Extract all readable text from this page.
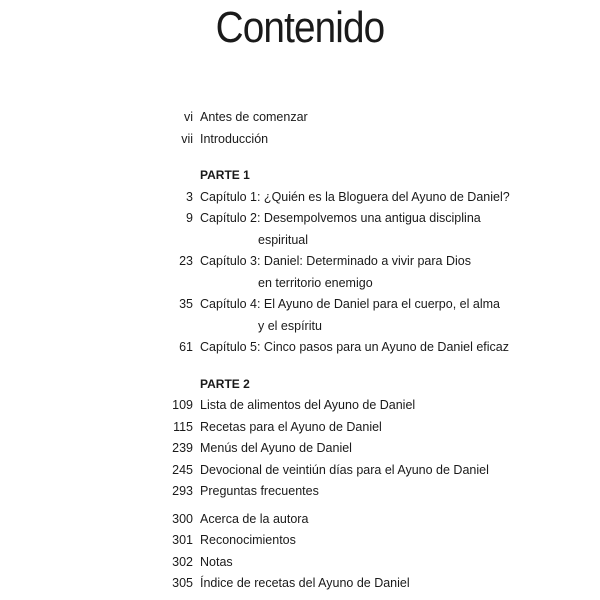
Contenido
vi Antes de comenzar
vii Introducción
PARTE 1
3 Capítulo 1: ¿Quién es la Bloguera del Ayuno de Daniel?
9 Capítulo 2: Desempolvemos una antigua disciplina
espiritual
23 Capítulo 3: Daniel: Determinado a vivir para Dios
en territorio enemigo
35 Capítulo 4: El Ayuno de Daniel para el cuerpo, el alma
y el espíritu
61 Capítulo 5: Cinco pasos para un Ayuno de Daniel eficaz
PARTE 2
109 Lista de alimentos del Ayuno de Daniel
115 Recetas para el Ayuno de Daniel
239 Menús del Ayuno de Daniel
245 Devocional de veintiún días para el Ayuno de Daniel
293 Preguntas frecuentes
300 Acerca de la autora
301 Reconocimientos
302 Notas
305 Índice de recetas del Ayuno de Daniel
